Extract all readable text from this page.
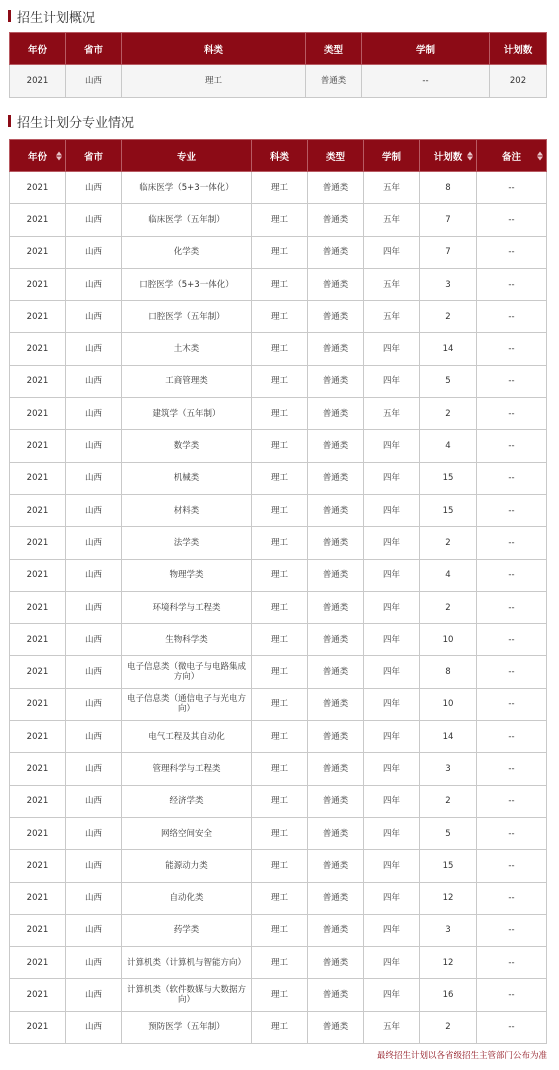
招生计划概况
年份	省市	科类	类型	学制	计划数
2021	山西	理工	普通类	--	202
招生计划分专业情况
年份	省市	专业	科类	类型	学制	计划数	备注

2021	山西	临床医学（5+3一体化）	理工	普通类	五年	8	--
2021	山西	临床医学（五年制）	理工	普通类	五年	7	--
2021	山西	化学类	理工	普通类	四年	7	--
2021	山西	口腔医学（5+3一体化）	理工	普通类	五年	3	--
2021	山西	口腔医学（五年制）	理工	普通类	五年	2	--
2021	山西	土木类	理工	普通类	四年	14	--
2021	山西	工商管理类	理工	普通类	四年	5	--
2021	山西	建筑学（五年制）	理工	普通类	五年	2	--
2021	山西	数学类	理工	普通类	四年	4	--
2021	山西	机械类	理工	普通类	四年	15	--
2021	山西	材料类	理工	普通类	四年	15	--
2021	山西	法学类	理工	普通类	四年	2	--
2021	山西	物理学类	理工	普通类	四年	4	--
2021	山西	环境科学与工程类	理工	普通类	四年	2	--
2021	山西	生物科学类	理工	普通类	四年	10	--
2021	山西	电子信息类（微电子与电路集成方向）	理工	普通类	四年	8	--
2021	山西	电子信息类（通信电子与光电方向）	理工	普通类	四年	10	--
2021	山西	电气工程及其自动化	理工	普通类	四年	14	--
2021	山西	管理科学与工程类	理工	普通类	四年	3	--
2021	山西	经济学类	理工	普通类	四年	2	--
2021	山西	网络空间安全	理工	普通类	四年	5	--
2021	山西	能源动力类	理工	普通类	四年	15	--
2021	山西	自动化类	理工	普通类	四年	12	--
2021	山西	药学类	理工	普通类	四年	3	--
2021	山西	计算机类（计算机与智能方向）	理工	普通类	四年	12	--
2021	山西	计算机类（软件数媒与大数据方向）	理工	普通类	四年	16	--
2021	山西	预防医学（五年制）	理工	普通类	五年	2	--
最终招生计划以各省级招生主管部门公布为准
